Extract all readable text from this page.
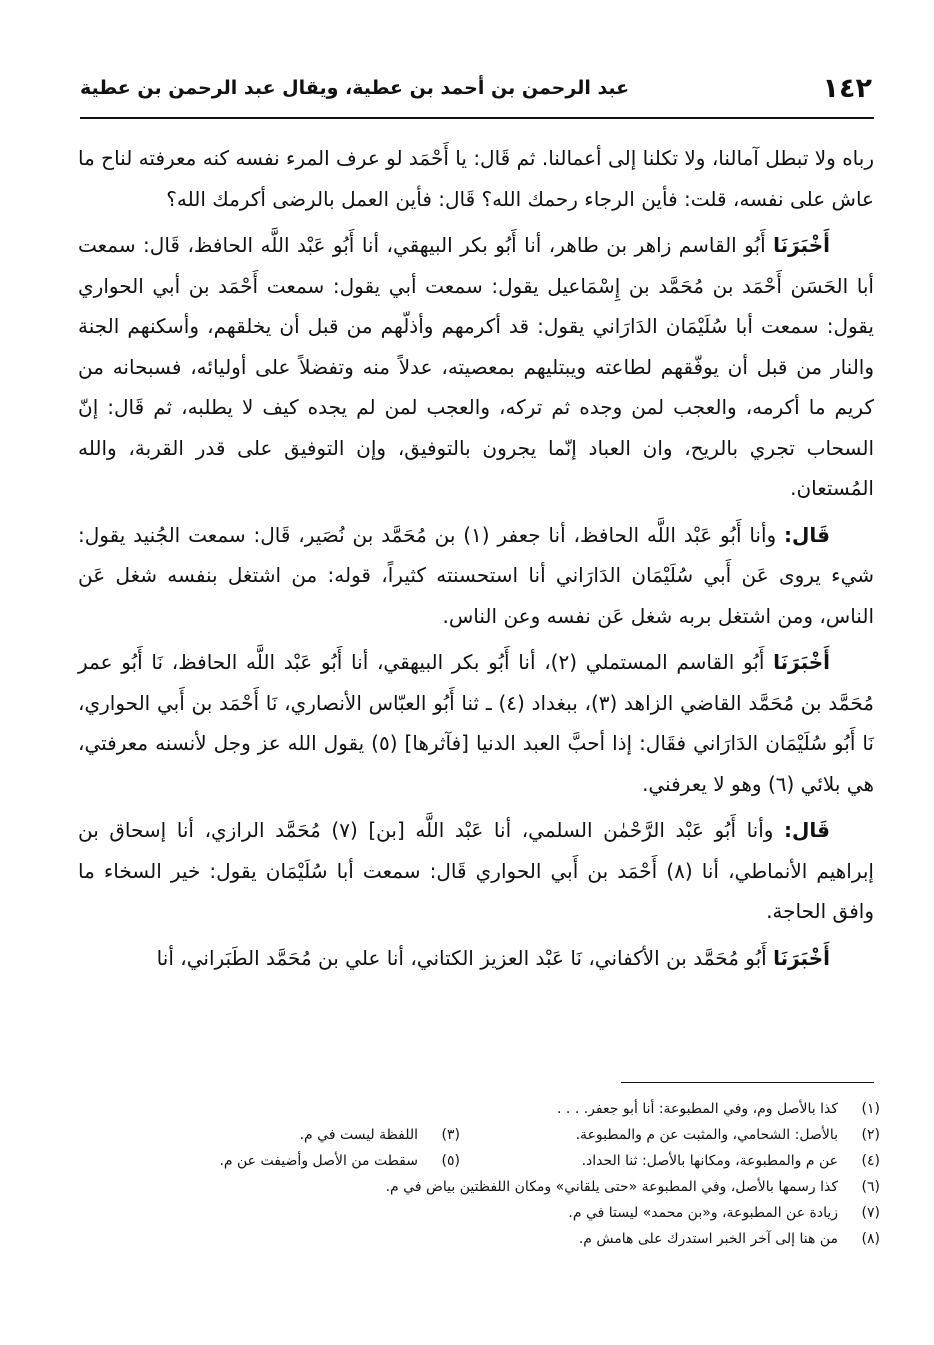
١٤٢
عبد الرحمن بن أحمد بن عطية، ويقال عبد الرحمن بن عطية

رباه ولا تبطل آمالنا، ولا تكلنا إلى أعمالنا. ثم قَال: يا أَحْمَد لو عرف المرء نفسه كنه معرفته لناح ما عاش على نفسه، قلت: فأين الرجاء رحمك الله؟ قَال: فأين العمل بالرضى أكرمك الله؟

أَخْبَرَنَا أَبُو القاسم زاهر بن طاهر، أنا أَبُو بكر البيهقي، أنا أَبُو عَبْد اللَّه الحافظ، قَال: سمعت أبا الحَسَن أَحْمَد بن مُحَمَّد بن إِسْمَاعيل يقول: سمعت أبي يقول: سمعت أَحْمَد بن أبي الحواري يقول: سمعت أبا سُلَيْمَان الدَارَاني يقول: قد أكرمهم وأذلّهم من قبل أن يخلقهم، وأسكنهم الجنة والنار من قبل أن يوفّقهم لطاعته ويبتليهم بمعصيته، عدلاً منه وتفضلاً على أوليائه، فسبحانه من كريم ما أكرمه، والعجب لمن وجده ثم تركه، والعجب لمن لم يجده كيف لا يطلبه، ثم قَال: إنّ السحاب تجري بالريح، وان العباد إنّما يجرون بالتوفيق، وإن التوفيق على قدر القربة، والله المُستعان.

قَال: وأنا أَبُو عَبْد اللَّه الحافظ، أنا جعفر (١) بن مُحَمَّد بن نُصَير، قَال: سمعت الجُنيد يقول: شيء يروى عَن أَبي سُلَيْمَان الدَارَاني أنا استحسنته كثيراً، قوله: من اشتغل بنفسه شغل عَن الناس، ومن اشتغل بربه شغل عَن نفسه وعن الناس.

أَخْبَرَنَا أَبُو القاسم المستملي (٢)، أنا أَبُو بكر البيهقي، أنا أَبُو عَبْد اللَّه الحافظ، نَا أَبُو عمر مُحَمَّد بن مُحَمَّد القاضي الزاهد (٣)، ببغداد (٤) ـ ثنا أَبُو العبّاس الأنصاري، نَا أَحْمَد بن أَبي الحواري، نَا أَبُو سُلَيْمَان الدَارَاني فقَال: إذا أحبَّ العبد الدنيا [فآثرها] (٥) يقول الله عز وجل لأنسنه معرفتي، هي بلائي (٦) وهو لا يعرفني.

قَال: وأنا أَبُو عَبْد الرَّحْمٰن السلمي، أنا عَبْد اللَّه [بن] (٧) مُحَمَّد الرازي، أنا إسحاق بن إبراهيم الأنماطي، أنا (٨) أَحْمَد بن أَبي الحواري قَال: سمعت أبا سُلَيْمَان يقول: خير السخاء ما وافق الحاجة.

أَخْبَرَنَا أَبُو مُحَمَّد بن الأكفاني، نَا عَبْد العزيز الكتاني، أنا علي بن مُحَمَّد الطَبَراني، أنا

(١)
كذا بالأصل وم، وفي المطبوعة: أنا أبو جعفر. . . .
(٢)
بالأصل: الشحامي، والمثبت عن م والمطبوعة.
(٣)
اللفظة ليست في م.
(٤)
عن م والمطبوعة، ومكانها بالأصل: ثنا الحداد.
(٥)
سقطت من الأصل وأضيفت عن م.
(٦)
كذا رسمها بالأصل، وفي المطبوعة «حتى يلقاني» ومكان اللفظتين بياض في م.
(٧)
زيادة عن المطبوعة، و«بن محمد» ليستا في م.
(٨)
من هنا إلى آخر الخبر استدرك على هامش م.
